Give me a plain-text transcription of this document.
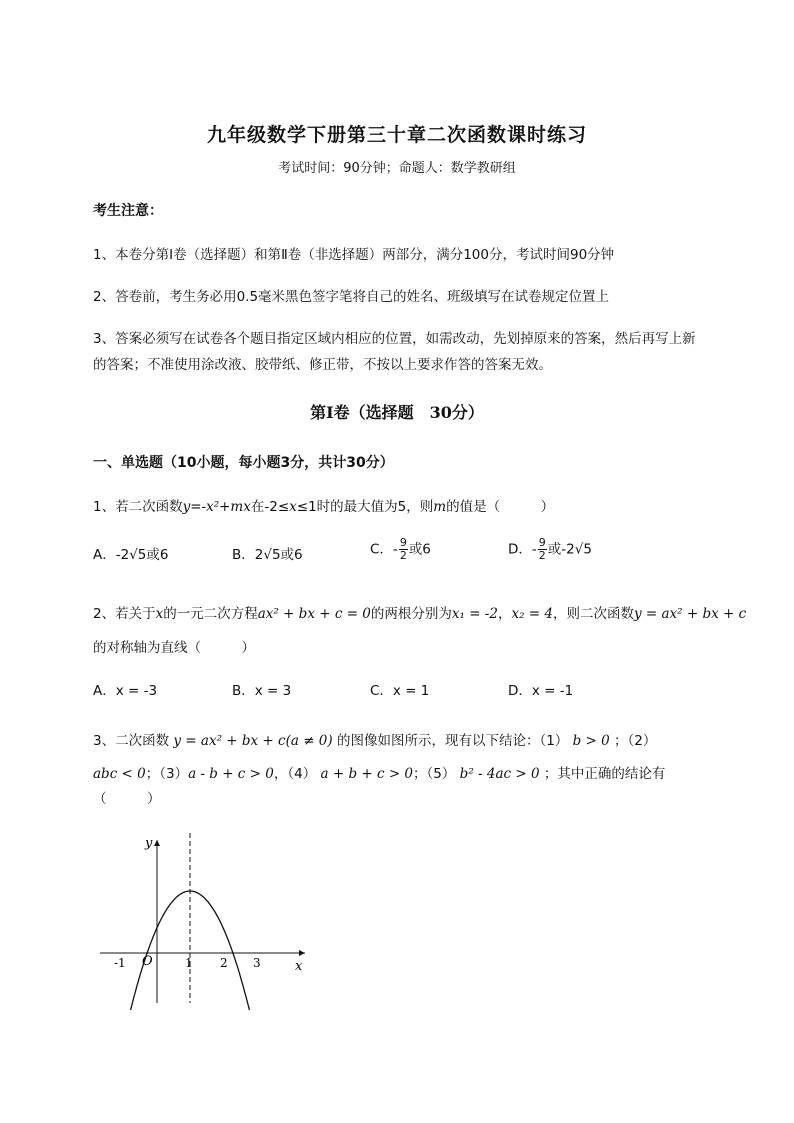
九年级数学下册第三十章二次函数课时练习
考试时间：90分钟；命题人：数学教研组
考生注意：
1、本卷分第I卷（选择题）和第Ⅱ卷（非选择题）两部分，满分100分，考试时间90分钟
2、答卷前，考生务必用0.5毫米黑色签字笔将自己的姓名、班级填写在试卷规定位置上
3、答案必须写在试卷各个题目指定区域内相应的位置，如需改动，先划掉原来的答案，然后再写上新
的答案；不准使用涂改液、胶带纸、修正带，不按以上要求作答的答案无效。
第I卷（选择题　30分）
一、单选题（10小题，每小题3分，共计30分）
1、若二次函数y=-x²+mx在-2≤x≤1时的最大值为5，则m的值是（　　　）
A．-2√5或6	B．2√5或6	C．- $\frac{9}{2}$ 或6	D．- $\frac{9}{2}$ 或-2√5
2、若关于x的一元二次方程ax² + bx + c = 0的两根分别为x₁ = -2，x₂ = 4，则二次函数y = ax² + bx + c
的对称轴为直线（　　　）
A．x = -3	B．x = 3	C．x = 1	D．x = -1
3、二次函数 y = ax² + bx + c(a ≠ 0) 的图像如图所示，现有以下结论：（1） b > 0 ；（2）
abc < 0；（3）a - b + c > 0，（4） a + b + c > 0；（5） b² - 4ac > 0 ；其中正确的结论有
（　　　）
y
x
O
-1	1 2 3
